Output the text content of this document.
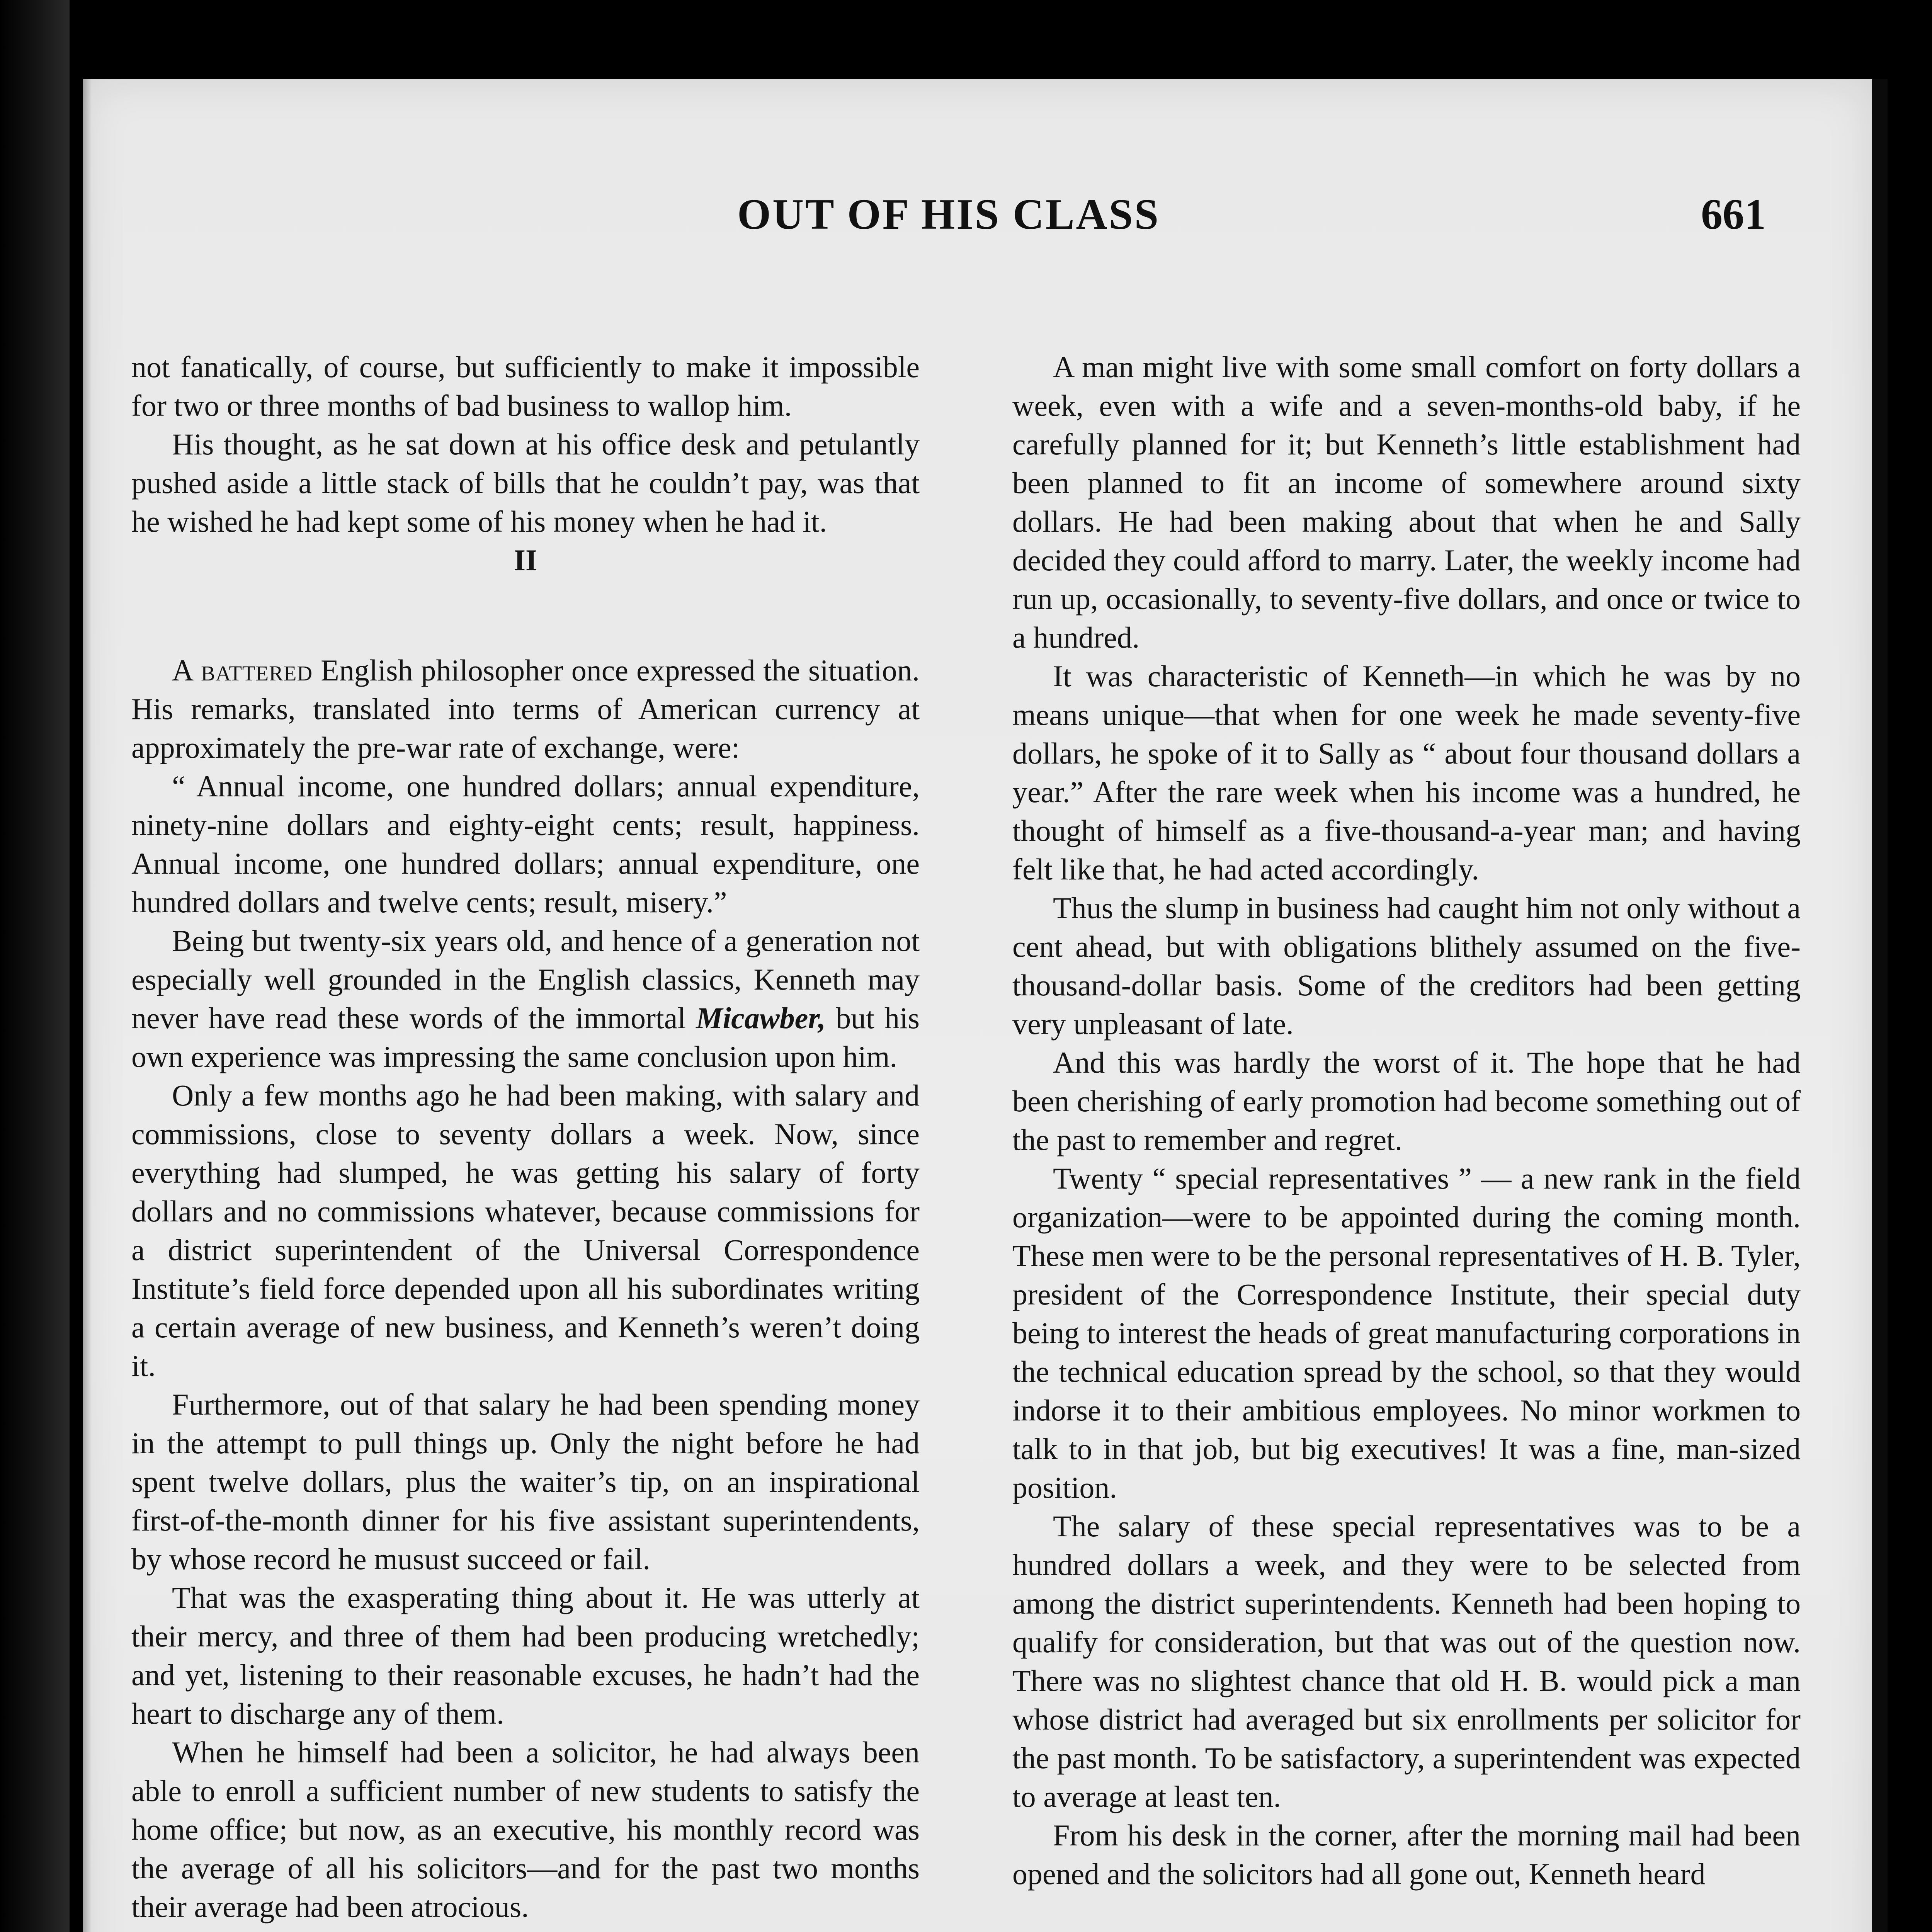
OUT OF HIS CLASS	661

not fanatically, of course, but sufficiently to make it impossible for two or three months of bad business to wallop him.

His thought, as he sat down at his office desk and petulantly pushed aside a little stack of bills that he couldn’t pay, was that he wished he had kept some of his money when he had it.

II

A battered English philosopher once expressed the situation. His remarks, translated into terms of American currency at approximately the pre-war rate of exchange, were:

“ Annual income, one hundred dollars; annual expenditure, ninety-nine dollars and eighty-eight cents; result, happiness. Annual income, one hundred dollars; annual expenditure, one hundred dollars and twelve cents; result, misery.”

Being but twenty-six years old, and hence of a generation not especially well grounded in the English classics, Kenneth may never have read these words of the immortal Micawber, but his own experience was impressing the same conclusion upon him.

Only a few months ago he had been making, with salary and commissions, close to seventy dollars a week. Now, since everything had slumped, he was getting his salary of forty dollars and no commissions whatever, because commissions for a district superintendent of the Universal Correspondence Institute’s field force depended upon all his subordinates writing a certain average of new business, and Kenneth’s weren’t doing it.

Furthermore, out of that salary he had been spending money in the attempt to pull things up. Only the night before he had spent twelve dollars, plus the waiter’s tip, on an inspirational first-of-the-month dinner for his five assistant superintendents, by whose record he musust succeed or fail.

That was the exasperating thing about it. He was utterly at their mercy, and three of them had been producing wretchedly; and yet, listening to their reasonable excuses, he hadn’t had the heart to discharge any of them.

When he himself had been a solicitor, he had always been able to enroll a sufficient number of new students to satisfy the home office; but now, as an executive, his monthly record was the average of all his solicitors—and for the past two months their average had been atrocious.

A man might live with some small comfort on forty dollars a week, even with a wife and a seven-months-old baby, if he carefully planned for it; but Kenneth’s little establishment had been planned to fit an income of somewhere around sixty dollars. He had been making about that when he and Sally decided they could afford to marry. Later, the weekly income had run up, occasionally, to seventy-five dollars, and once or twice to a hundred.

It was characteristic of Kenneth—in which he was by no means unique—that when for one week he made seventy-five dollars, he spoke of it to Sally as “ about four thousand dollars a year.” After the rare week when his income was a hundred, he thought of himself as a five-thousand-a-year man; and having felt like that, he had acted accordingly.

Thus the slump in business had caught him not only without a cent ahead, but with obligations blithely assumed on the five-thousand-dollar basis. Some of the creditors had been getting very unpleasant of late.

And this was hardly the worst of it. The hope that he had been cherishing of early promotion had become something out of the past to remember and regret.

Twenty “ special representatives ” — a new rank in the field organization—were to be appointed during the coming month. These men were to be the personal representatives of H. B. Tyler, president of the Correspondence Institute, their special duty being to interest the heads of great manufacturing corporations in the technical education spread by the school, so that they would indorse it to their ambitious employees. No minor workmen to talk to in that job, but big executives! It was a fine, man-sized position.

The salary of these special representatives was to be a hundred dollars a week, and they were to be selected from among the district superintendents. Kenneth had been hoping to qualify for consideration, but that was out of the question now. There was no slightest chance that old H. B. would pick a man whose district had averaged but six enrollments per solicitor for the past month. To be satisfactory, a superintendent was expected to average at least ten.

From his desk in the corner, after the morning mail had been opened and the solicitors had all gone out, Kenneth heard
